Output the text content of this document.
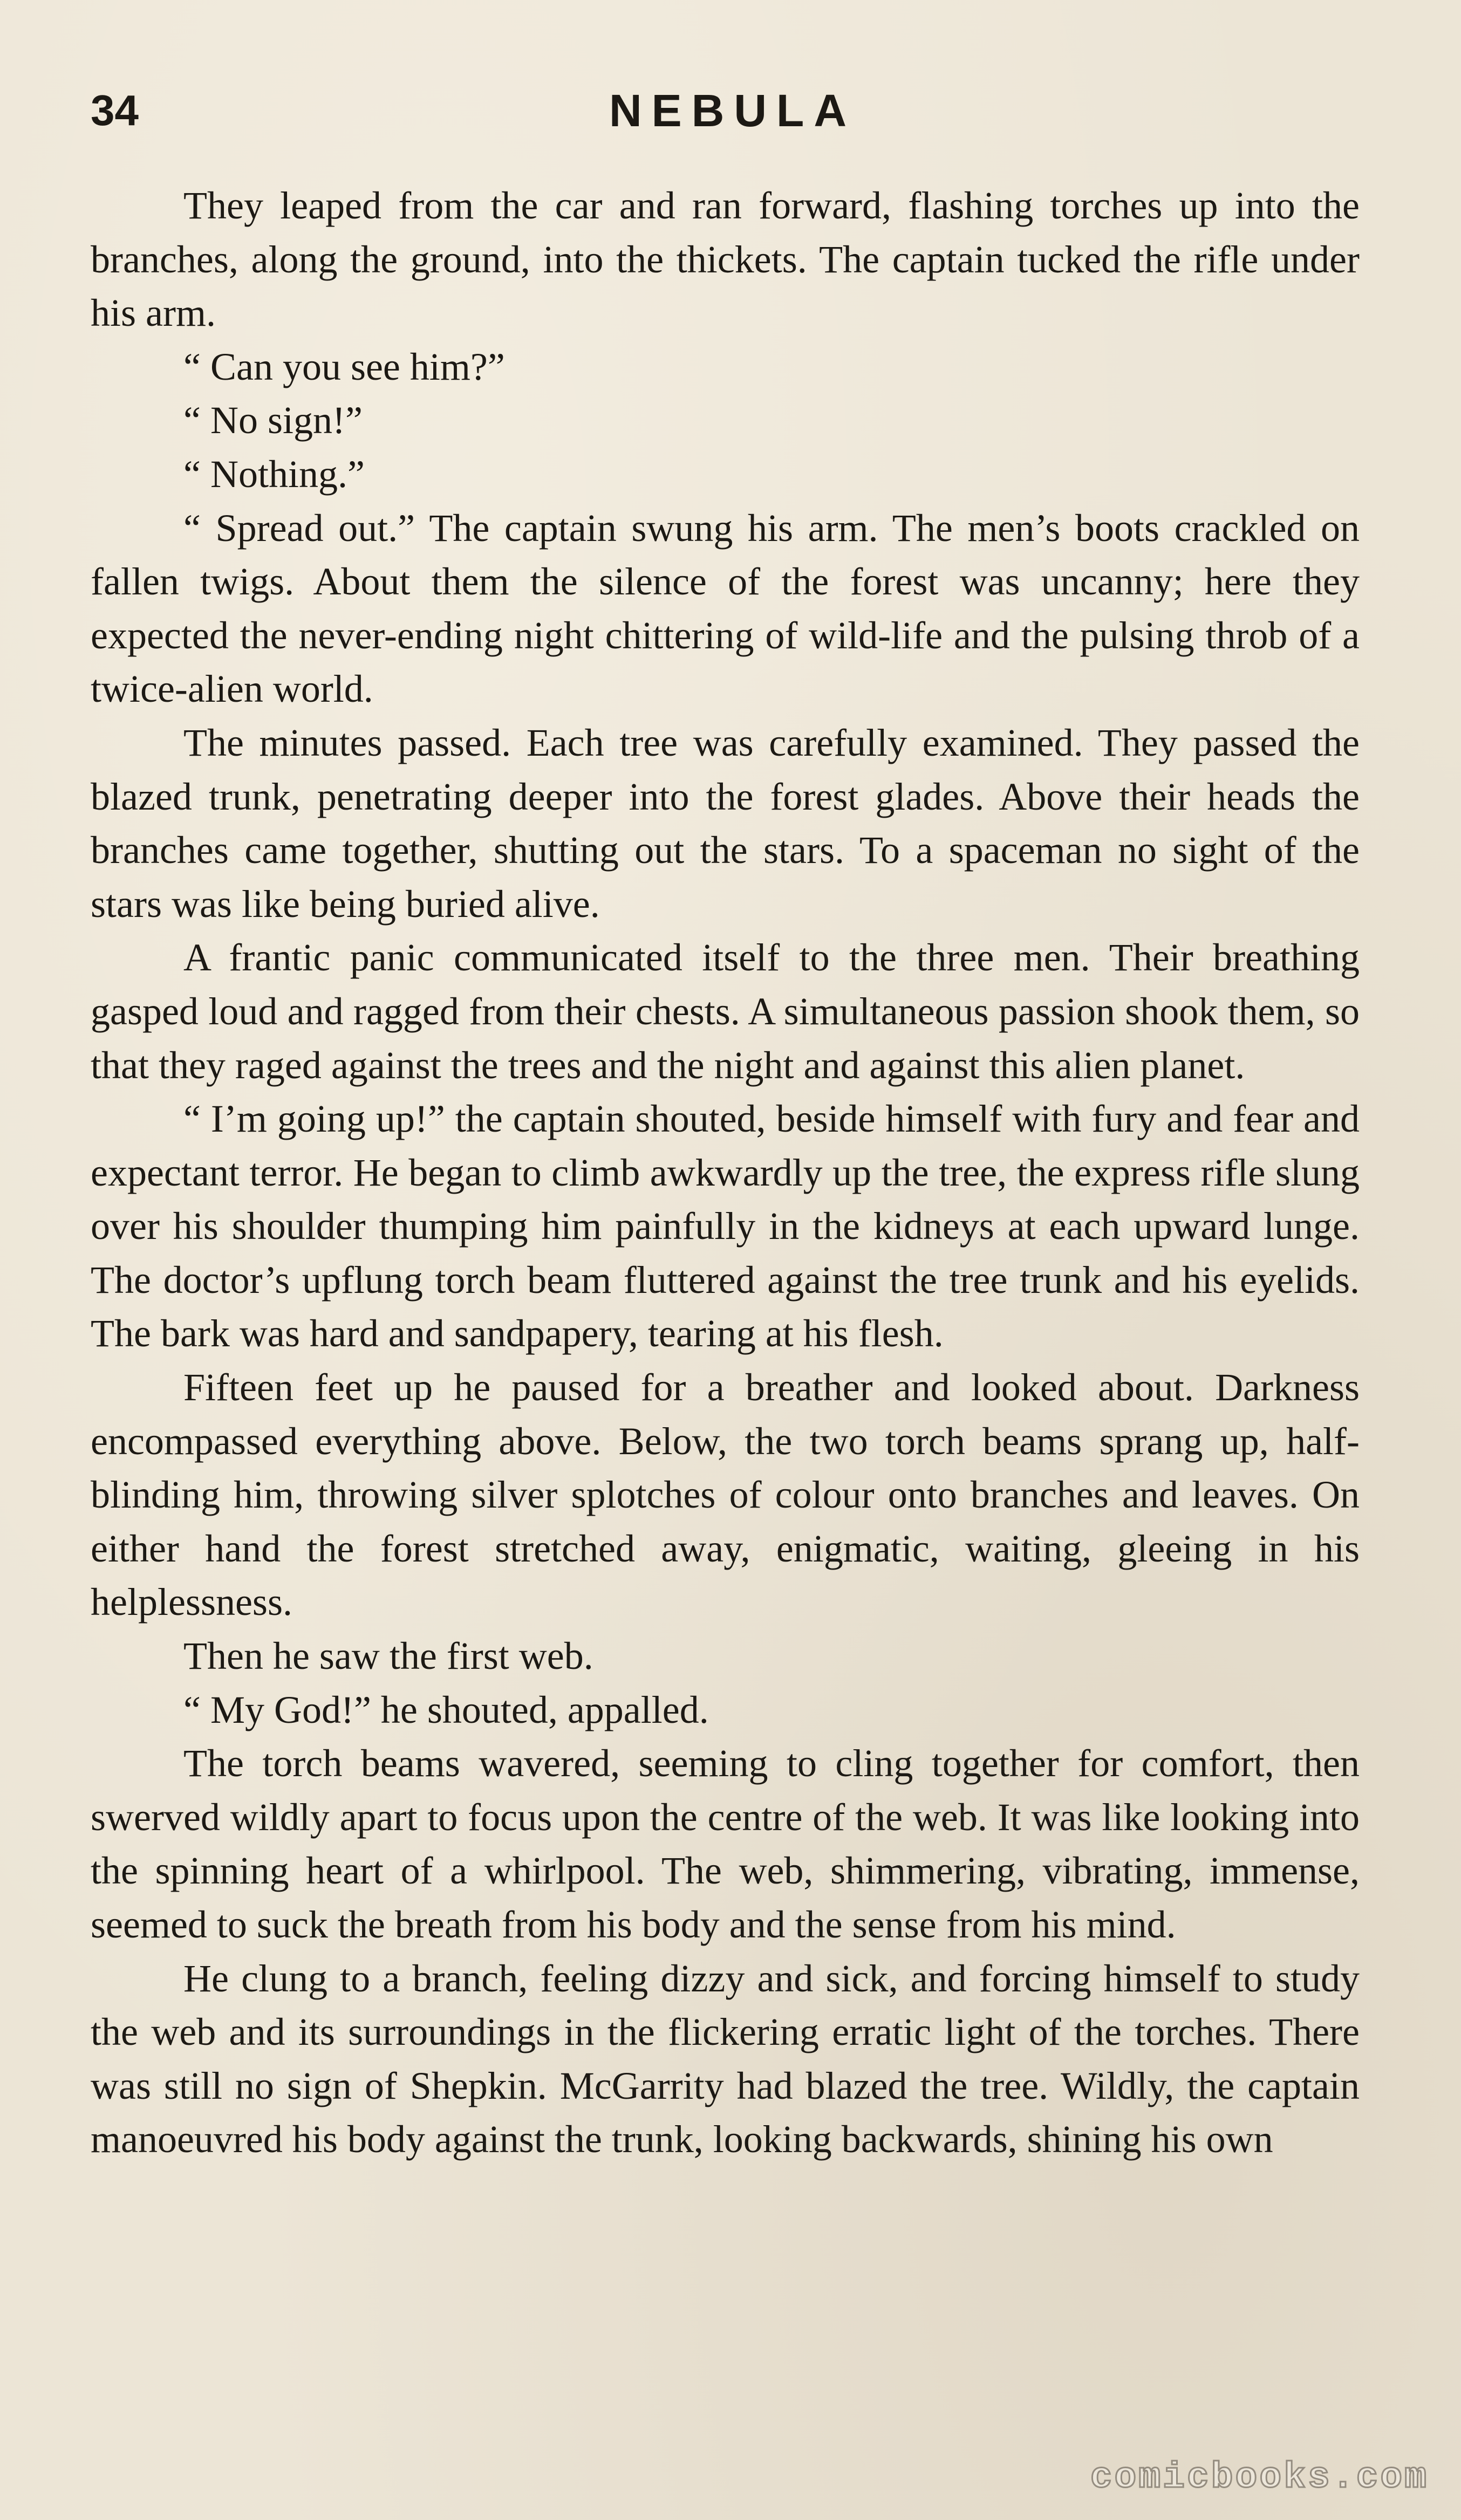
34	NEBULA

They leaped from the car and ran forward, flashing torches up into the branches, along the ground, into the thickets. The captain tucked the rifle under his arm.

“ Can you see him?”

“ No sign!”

“ Nothing.”

“ Spread out.” The captain swung his arm. The men’s boots crackled on fallen twigs. About them the silence of the forest was uncanny; here they expected the never-ending night chittering of wild-life and the pulsing throb of a twice-alien world.

The minutes passed. Each tree was carefully examined. They passed the blazed trunk, penetrating deeper into the forest glades. Above their heads the branches came together, shutting out the stars. To a spaceman no sight of the stars was like being buried alive.

A frantic panic communicated itself to the three men. Their breathing gasped loud and ragged from their chests. A simultaneous passion shook them, so that they raged against the trees and the night and against this alien planet.

“ I’m going up!” the captain shouted, beside himself with fury and fear and expectant terror. He began to climb awkwardly up the tree, the express rifle slung over his shoulder thumping him painfully in the kidneys at each upward lunge. The doctor’s upflung torch beam fluttered against the tree trunk and his eyelids. The bark was hard and sandpapery, tearing at his flesh.

Fifteen feet up he paused for a breather and looked about. Darkness encompassed everything above. Below, the two torch beams sprang up, half-blinding him, throwing silver splotches of colour onto branches and leaves. On either hand the forest stretched away, enigmatic, waiting, gleeing in his helplessness.

Then he saw the first web.

“ My God!” he shouted, appalled.

The torch beams wavered, seeming to cling together for comfort, then swerved wildly apart to focus upon the centre of the web. It was like looking into the spinning heart of a whirlpool. The web, shimmering, vibrating, immense, seemed to suck the breath from his body and the sense from his mind.

He clung to a branch, feeling dizzy and sick, and forcing himself to study the web and its surroundings in the flickering erratic light of the torches. There was still no sign of Shepkin. McGarrity had blazed the tree. Wildly, the captain manoeuvred his body against the trunk, looking backwards, shining his own

comicbooks.com
